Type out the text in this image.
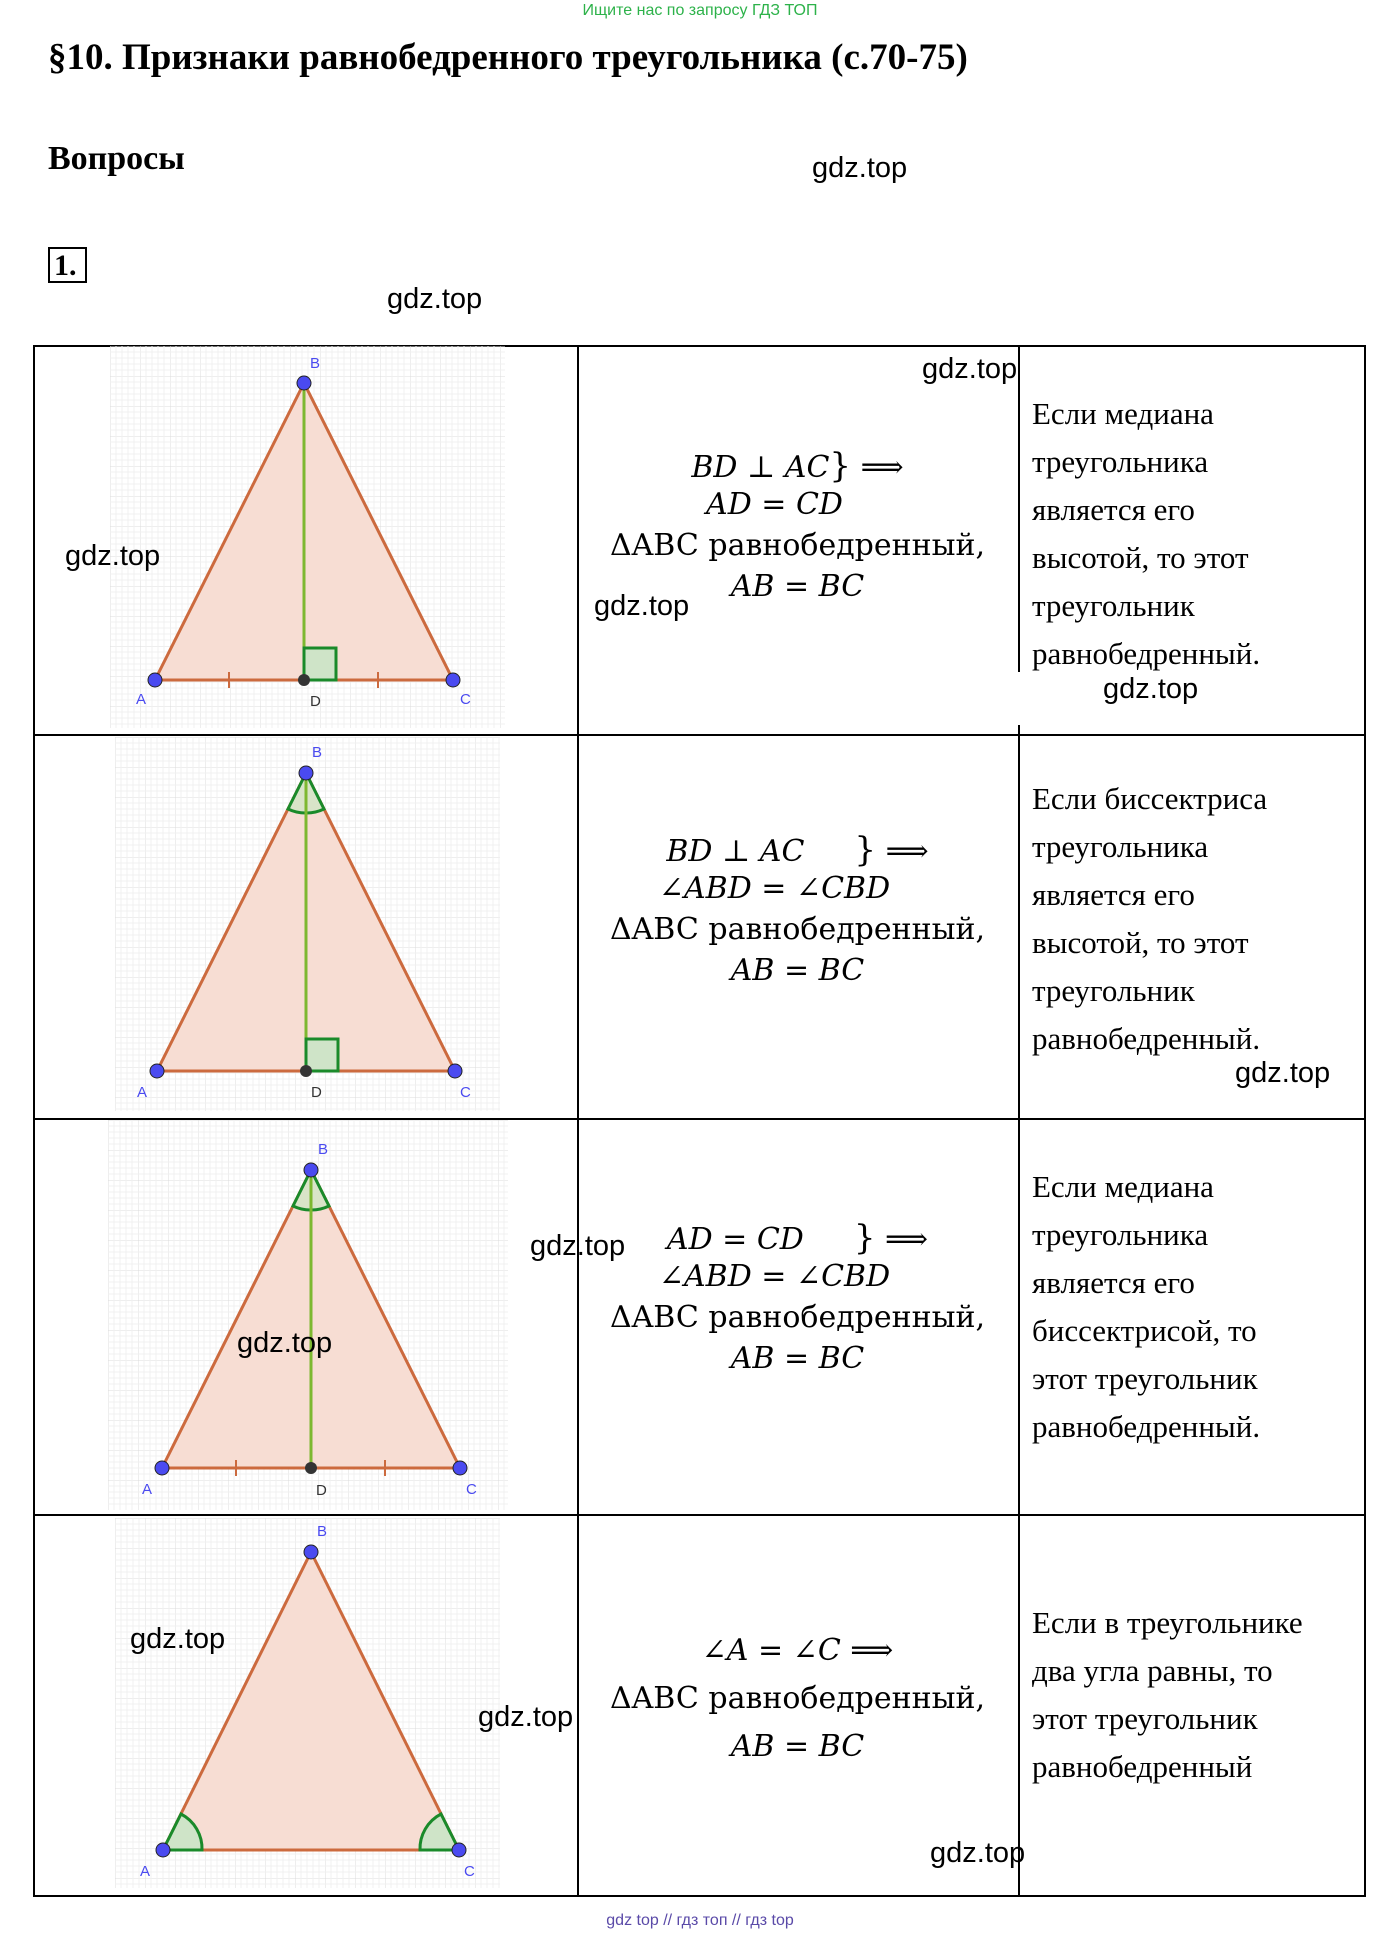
Ищите нас по запросу ГДЗ ТОП
§10. Признаки равнобедренного треугольника (с.70-75)
Вопросы
1.
gdz.top
gdz.top
A
B
C
D
A
B
C
D
A
B
C
D
A
B
C
BD ⊥ AC} ⟹
AD = CD
ΔABC равнобедренный,
AB = BC
BD ⊥ AC } ⟹
∠ABD = ∠CBD
ΔABC равнобедренный,
AB = BC
AD = CD } ⟹
∠ABD = ∠CBD
ΔABC равнобедренный,
AB = BC
∠A = ∠C ⟹
ΔABC равнобедренный,
AB = BC
Если медиана
треугольника
является его
высотой, то этот
треугольник
равнобедренный.
Если биссектриса
треугольника
является его
высотой, то этот
треугольник
равнобедренный.
Если медиана
треугольника
является его
биссектрисой, то
этот треугольник
равнобедренный.
Если в треугольнике
два угла равны, то
этот треугольник
равнобедренный
gdz.top
gdz.top
gdz.top
gdz.top
gdz.top
gdz.top
gdz.top
gdz.top
gdz.top
gdz.top
gdz top // гдз топ // гдз top
